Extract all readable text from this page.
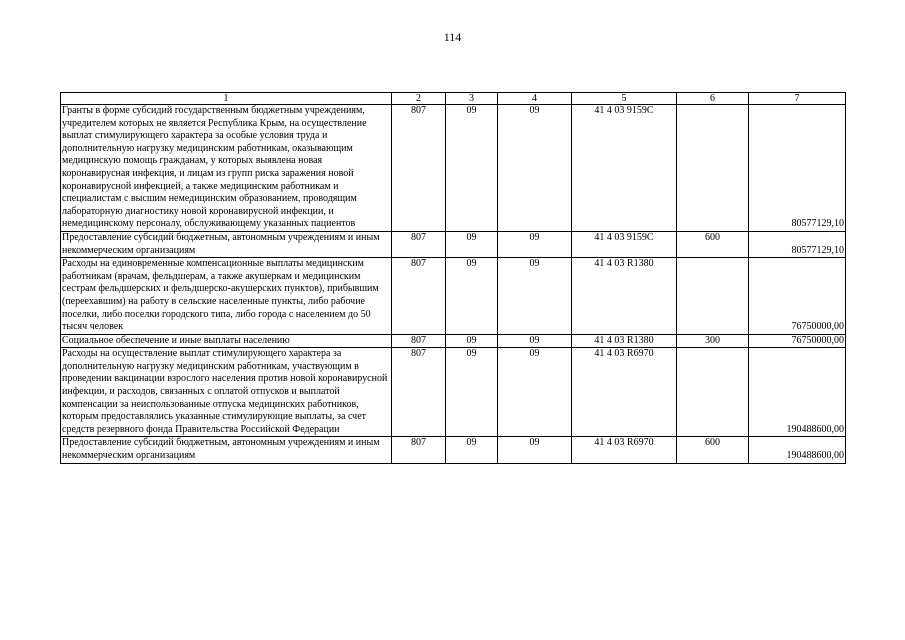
114
1	2	3	4	5	6	7
Гранты в форме субсидий государственным бюджетным учреждениям, учредителем которых не является Республика Крым, на осуществление выплат стимулирующего характера за особые условия труда и дополнительную нагрузку медицинским работникам, оказывающим медицинскую помощь гражданам, у которых выявлена новая коронавирусная инфекция, и лицам из групп риска заражения новой коронавирусной инфекцией, а также медицинским работникам и специалистам с высшим немедицинским образованием, проводящим лабораторную диагностику новой коронавирусной инфекции, и немедицинскому персоналу, обслуживающему указанных пациентов	807	09	09	41 4 03 9159C		80577129,10
Предоставление субсидий бюджетным, автономным учреждениям и иным некоммерческим организациям	807	09	09	41 4 03 9159C	600	80577129,10
Расходы на единовременные компенсационные выплаты медицинским работникам (врачам, фельдшерам, а также акушеркам и медицинским сестрам фельдшерских и фельдшерско-акушерских пунктов), прибывшим (переехавшим) на работу в сельские населенные пункты, либо рабочие поселки, либо поселки городского типа, либо города с населением до 50 тысяч человек	807	09	09	41 4 03 R1380		76750000,00
Социальное обеспечение и иные выплаты населению	807	09	09	41 4 03 R1380	300	76750000,00
Расходы на осуществление выплат стимулирующего характера за дополнительную нагрузку медицинским работникам, участвующим в проведении вакцинации взрослого населения против новой коронавирусной инфекции, и расходов, связанных с оплатой отпусков и выплатой компенсации за неиспользованные отпуска медицинских работников, которым предоставлялись указанные стимулирующие выплаты, за счет средств резервного фонда Правительства Российской Федерации	807	09	09	41 4 03 R6970		190488600,00
Предоставление субсидий бюджетным, автономным учреждениям и иным некоммерческим организациям	807	09	09	41 4 03 R6970	600	190488600,00
